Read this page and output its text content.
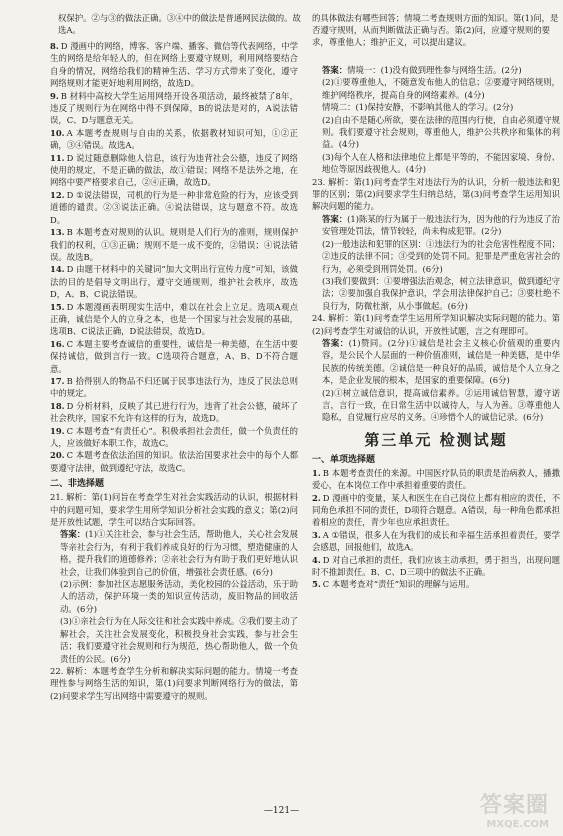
权保护。②与③的做法正确。③④中的做法是普通网民法做的。故选A。
的具体做法有哪些回答；情境二考查规则方面的知识。第(1)问，是否遵守规则，从而判断做法正确与否。第(2)问，应遵守规则的要求，尊重他人；维护正义，可以提出建议。
8. D 漫画中的网络，博客、客户端、播客、微信等代表网络，中学生的网络是给年轻人的，但在网络上要遵守规则，利用网络要结合自身的情况，网络给我们的精神生活、学习方式带来了变化，遵守网络规则才能更好地利用网络，故选D。
9. B 材料中高校大学生运用网络开设各项活动，最终被禁了8年，违反了规则行为在网络中得不到保障，B的说法是对的，A说法错误，C、D与题意无关。
10. A 本题考查规则与自由的关系，依据教材知识可知，①②正确，③④错误。故选A。
11. D 说过随意删除他人信息，该行为违背社会公德，违反了网络使用的规定，不是正确的做法，故①错误；网络不是法外之地，在网络中要严格要求自己，②④正确，故选D。
12. D ①说法错误，司机的行为是一种非常危险的行为，应该受到道德的谴责。②③说法正确。④说法错误，这与题意不符。故选D。
13. B 本题考查对规则的认识。规则是人们行为的准则，规则保护我们的权利，①③正确；规则不是一成不变的，②错误；④说法错误。故选B。
14. D 由题干材料中的关键词“加大文明出行宣传力度”可知，该做法的目的是倡导文明出行，遵守交通规则，维护社会秩序，故选D，A、B、C说法错误。
15. D 本题漫画表明现实生活中，难以在社会上立足。选项A观点正确，诚信是个人的立身之本，也是一个国家与社会发展的基础，选项B、C说法正确，D说法错误，故选D。
16. C 本题主要考查诚信的重要性，诚信是一种美德，在生活中要保持诚信，做到言行一致。C选项符合题意，A、B、D不符合题意。
17. B 拾得别人的物品不归还属于民事违法行为，违反了民法总则中的规定。
18. D 分析材料，反映了其已进行行为，违背了社会公德，破坏了社会秩序，国家不允许有这样的行为，故选D。
19. C 本题考查“有责任心”。积极承担社会责任，做一个负责任的人，应该做好本职工作，故选C。
20. C 本题考查依法治国的知识。依法治国要求社会中的每个人都要遵守法律，做到遵纪守法，故选C。
二、非选择题
21. 解析：第(1)问旨在考查学生对社会实践活动的认识，根据材料中的问题可知，要求学生用所学知识分析社会实践的意义；第(2)问是开放性试题，学生可以结合实际回答。
答案：(1)①关注社会，参与社会生活，帮助他人，关心社会发展等亲社会行为，有利于我们养成良好的行为习惯，塑造健康的人格，提升我们的道德修养；②亲社会行为有助于我们更好地认识社会，让我们体验到自己的价值，增强社会责任感。(6分)
(2)示例：参加社区志愿服务活动，美化校园的公益活动，乐于助人的活动，保护环境一类的知识宣传活动，废旧物品的回收活动。(6分)
(3)①亲社会行为在人际交往和社会实践中养成。②我们要主动了解社会，关注社会发展变化，积极投身社会实践，参与社会生活；我们要遵守社会规则和行为规范，热心帮助他人，做一个负责任的公民。(6分)
22. 解析：本题考查学生分析和解决实际问题的能力。情境一考查理性参与网络生活的知识，第(1)问要求判断网络行为的做法，第(2)问要求学生写出网络中需要遵守的规则。
答案：情境一：(1)没有做到理性参与网络生活。(2分)
(2)①要尊重他人，不随意发布他人的信息；②要遵守网络规则，维护网络秩序，提高自身的网络素养。(4分)
情境二：(1)保持安静，不影响其他人的学习。(2分)
(2)自由不是随心所欲，要在法律的范围内行使，自由必须遵守规则。我们要遵守社会规则，尊重他人，维护公共秩序和集体的利益。(4分)
(3)每个人在人格和法律地位上都是平等的，不能因家境、身份、地位等原因歧视他人。(4分)
23. 解析：第(1)问考查学生对违法行为的认识，分析一般违法和犯罪的区别；第(2)问要求学生归纳总结，第(3)问考查学生运用知识解决问题的能力。
答案：(1)陈某的行为属于一般违法行为，因为他的行为违反了治安管理处罚法，情节较轻，尚未构成犯罪。(2分)
(2)一般违法和犯罪的区别：①违法行为的社会危害性程度不同；②违反的法律不同；③受到的处罚不同。犯罪是严重危害社会的行为，必须受到刑罚处罚。(6分)
(3)我们要做到：①要增强法治观念，树立法律意识，做到遵纪守法；②要加强自我保护意识，学会用法律保护自己；③要杜绝不良行为，防微杜渐，从小事做起。(6分)
24. 解析：第(1)问考查学生运用所学知识解决实际问题的能力。第(2)问考查学生对诚信的认识，开放性试题，言之有理即可。
答案：(1)赞同。(2分)①诚信是社会主义核心价值观的重要内容，是公民个人层面的一种价值准则，诚信是一种美德，是中华民族的传统美德。②诚信是一种良好的品质，诚信是个人立身之本，是企业发展的根本，是国家的重要保障。(6分)
(2)①树立诚信意识，提高诚信素养。②运用诚信智慧，遵守诺言，言行一致，在日常生活中以诚待人，与人为善。③尊重他人隐私，自觉履行应尽的义务。④珍惜个人的诚信记录。(6分)
第三单元 检测试题
一、单项选择题
1. B 本题考查责任的来源。中国医疗队员的职责是治病救人，播撒爱心，在本岗位工作中承担着重要的责任。
2. D 漫画中的变量，某人和医生在自己岗位上都有相应的责任，不同角色承担不同的责任，D项符合题意。A错误，每一种角色都承担着相应的责任，青少年也应承担责任。
3. A ①错误，很多人在为我们的成长和幸福生活承担着责任，要学会感恩，回报他们，故选A。
4. D 对自己承担的责任，我们应该主动承担，勇于担当，出现问题时不推卸责任。B、C、D三项中的做法不正确。
5. C 本题考查对“责任”知识的理解与运用。
—121—	答案圈
MXQE.COM
